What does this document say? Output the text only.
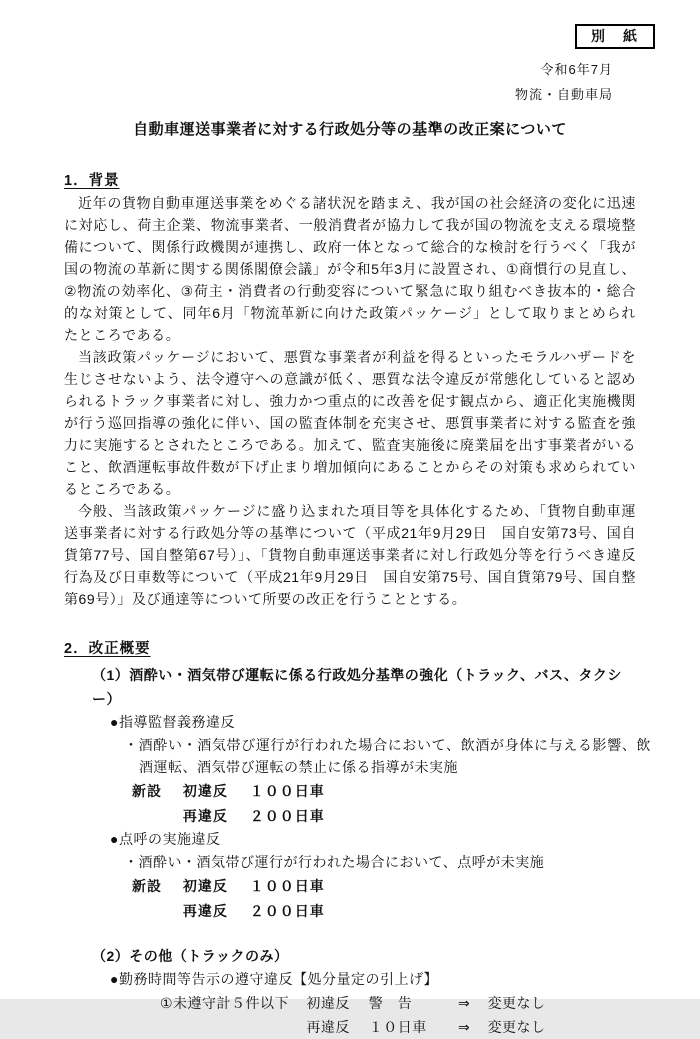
別　紙
令和6年7月
物流・自動車局
自動車運送事業者に対する行政処分等の基準の改正案について
1．背景

近年の貨物自動車運送事業をめぐる諸状況を踏まえ、我が国の社会経済の変化に迅速に対応し、荷主企業、物流事業者、一般消費者が協力して我が国の物流を支える環境整備について、関係行政機関が連携し、政府一体となって総合的な検討を行うべく「我が国の物流の革新に関する関係閣僚会議」が令和5年3月に設置され、①商慣行の見直し、②物流の効率化、③荷主・消費者の行動変容について緊急に取り組むべき抜本的・総合的な対策として、同年6月「物流革新に向けた政策パッケージ」として取りまとめられたところである。

当該政策パッケージにおいて、悪質な事業者が利益を得るといったモラルハザードを生じさせないよう、法令遵守への意識が低く、悪質な法令違反が常態化していると認められるトラック事業者に対し、強力かつ重点的に改善を促す観点から、適正化実施機関が行う巡回指導の強化に伴い、国の監査体制を充実させ、悪質事業者に対する監査を強力に実施するとされたところである。加えて、監査実施後に廃業届を出す事業者がいること、飲酒運転事故件数が下げ止まり増加傾向にあることからその対策も求められているところである。

今般、当該政策パッケージに盛り込まれた項目等を具体化するため、「貨物自動車運送事業者に対する行政処分等の基準について（平成21年9月29日　国自安第73号、国自貨第77号、国自整第67号）」、「貨物自動車運送事業者に対し行政処分等を行うべき違反行為及び日車数等について（平成21年9月29日　国自安第75号、国自貨第79号、国自整第69号）」及び通達等について所要の改正を行うこととする。

2．改正概要
（1）酒酔い・酒気帯び運転に係る行政処分基準の強化（トラック、バス、タクシー）
●指導監督義務違反
・酒酔い・酒気帯び運行が行われた場合において、飲酒が身体に与える影響、飲酒運転、酒気帯び運転の禁止に係る指導が未実施
新設 初違反 １００日車
再違反 ２００日車
●点呼の実施違反
・酒酔い・酒気帯び運行が行われた場合において、点呼が未実施
新設 初違反 １００日車
再違反 ２００日車
（2）その他（トラックのみ）
●勤務時間等告示の遵守違反【処分量定の引上げ】
①未遵守計５件以下 初違反 警　告	⇒ 変更なし
再違反 １０日車 ⇒ 変更なし
